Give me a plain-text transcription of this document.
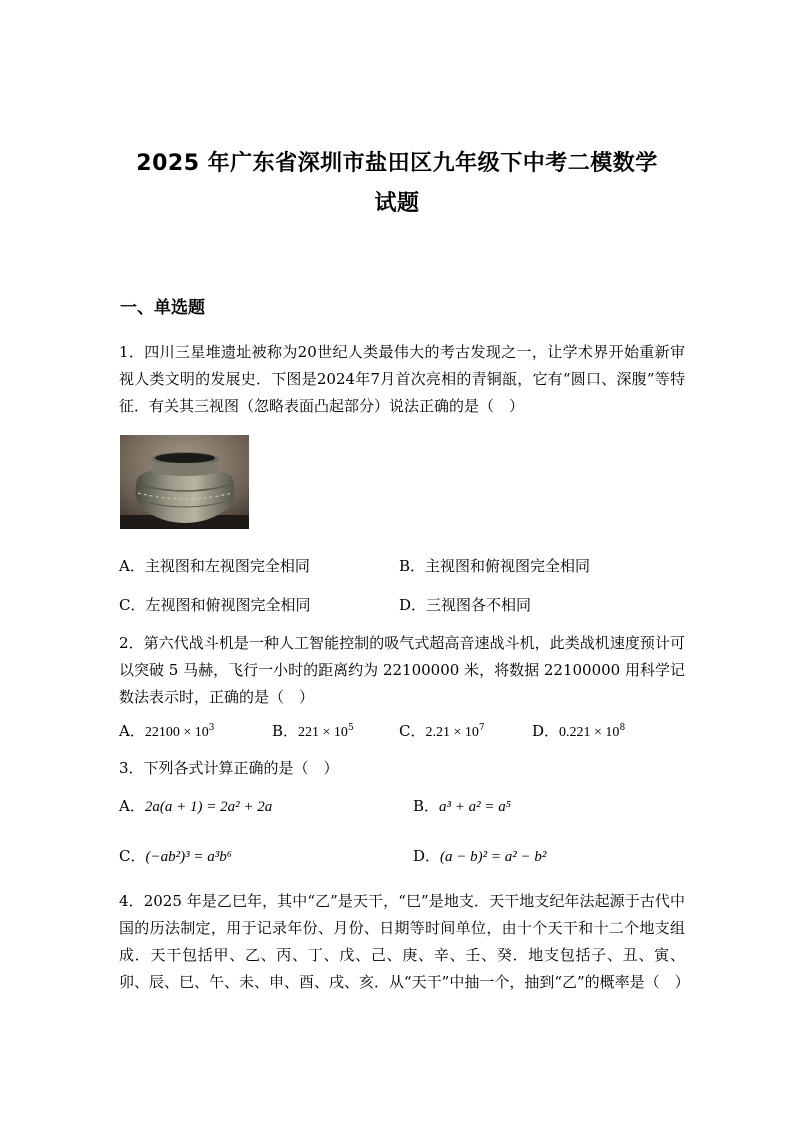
2025 年广东省深圳市盐田区九年级下中考二模数学
试题
一、单选题
1．四川三星堆遗址被称为20世纪人类最伟大的考古发现之一，让学术界开始重新审视人类文明的发展史．下图是2024年7月首次亮相的青铜瓿，它有“圆口、深腹”等特征．有关其三视图（忽略表面凸起部分）说法正确的是（　）
A．主视图和左视图完全相同	B．主视图和俯视图完全相同
C．左视图和俯视图完全相同	D．三视图各不相同
2．第六代战斗机是一种人工智能控制的吸气式超高音速战斗机，此类战机速度预计可以突破 5 马赫，飞行一小时的距离约为 22100000 米，将数据 22100000 用科学记数法表示时，正确的是（　）
A．$22100 \times 10^3$	B．$221 \times 10^5$	C．$2.21 \times 10^7$	D．$0.221 \times 10^8$
3．下列各式计算正确的是（　）
A．2a(a + 1) = 2a² + 2a	B．a³ + a² = a⁵
C．(−ab²)³ = a³b⁶	D．(a − b)² = a² − b²
4．2025 年是乙巳年，其中“乙”是天干，“巳”是地支．天干地支纪年法起源于古代中国的历法制定，用于记录年份、月份、日期等时间单位，由十个天干和十二个地支组成．天干包括甲、乙、丙、丁、戊、己、庚、辛、壬、癸．地支包括子、丑、寅、卯、辰、巳、午、未、申、酉、戌、亥．从“天干”中抽一个，抽到“乙”的概率是（　）
